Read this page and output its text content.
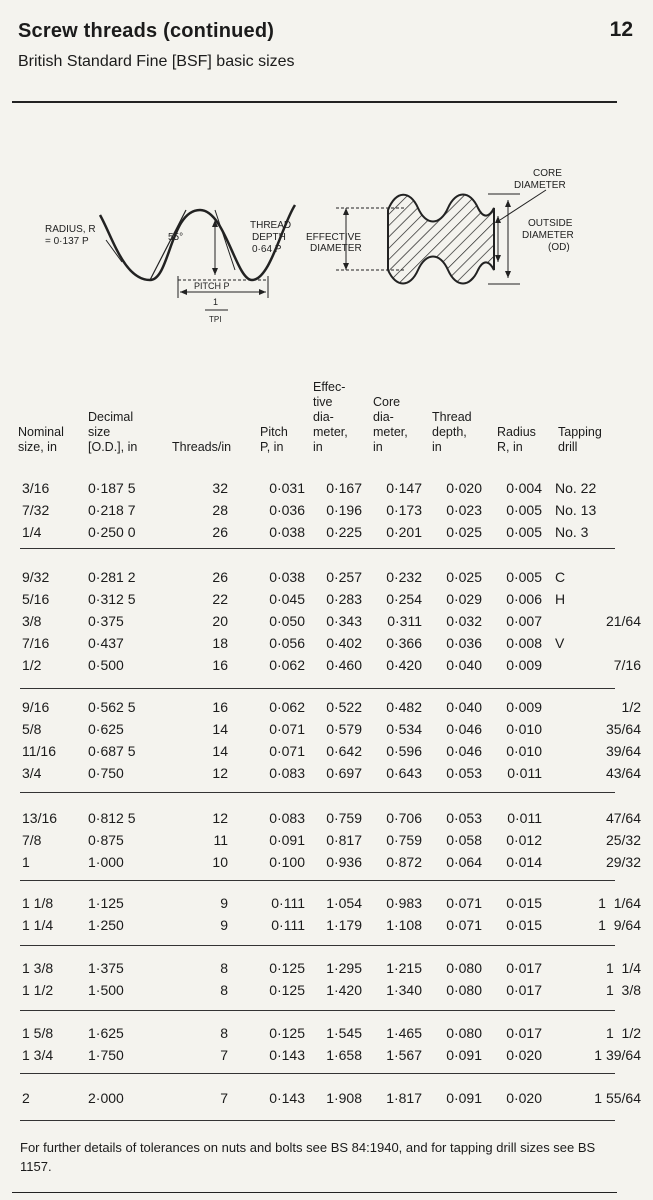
Screw threads (continued)	12
British Standard Fine [BSF] basic sizes
RADIUS, R
= 0·137 P	55°
THREAD
DEPTH
0·64 P
PITCH P
1
TPI
EFFECTIVE
DIAMETER
CORE
DIAMETER
OUTSIDE
DIAMETER
(OD)
Nominal
size, in
Decimal
size
[O.D.], in	Threads/in
Pitch
P, in
Effec-
tive
dia-
meter,
in
Core
dia-
meter,
in
Thread
depth,
in
Radius
R, in
Tapping
drill
3/16	0·187 5	32	0·031	0·167	0·147	0·020	0·004 No. 22
7/32	0·218 7	28	0·036	0·196	0·173	0·023	0·005 No. 13
1/4	0·250 0	26	0·038	0·225	0·201	0·025	0·005 No. 3
9/32	0·281 2	26	0·038	0·257	0·232	0·025	0·005 C
5/16	0·312 5	22	0·045	0·283	0·254	0·029	0·006 H
3/8	0·375	20	0·050	0·343	0·311	0·032	0·007	21/64
7/16	0·437	18	0·056	0·402	0·366	0·036	0·008 V
1/2	0·500	16	0·062	0·460	0·420	0·040	0·009	7/16
9/16	0·562 5	16	0·062	0·522	0·482	0·040	0·009	1/2
5/8	0·625	14	0·071	0·579	0·534	0·046	0·010	35/64
11/16 0·687 5	14	0·071	0·642	0·596	0·046	0·010	39/64
3/4	0·750	12	0·083	0·697	0·643	0·053	0·011	43/64
13/16 0·812 5	12	0·083	0·759	0·706	0·053	0·011	47/64
7/8	0·875	11	0·091	0·817	0·759	0·058	0·012	25/32
1	1·000	10	0·100	0·936	0·872	0·064	0·014	29/32
1 1/8 1·125	9	0·111	1·054	0·983	0·071	0·015	1  1/64
1 1/4 1·250	9	0·111	1·179	1·108	0·071	0·015	1  9/64
1 3/8 1·375	8	0·125	1·295	1·215	0·080	0·017	1  1/4
1 1/2 1·500	8	0·125	1·420	1·340	0·080	0·017	1  3/8
1 5/8 1·625	8	0·125	1·545	1·465	0·080	0·017	1  1/2
1 3/4 1·750	7	0·143	1·658	1·567	0·091	0·020	1 39/64
2	2·000	7	0·143	1·908	1·817	0·091	0·020	1 55/64
For further details of tolerances on nuts and bolts see BS 84:1940, and for tapping drill sizes see BS 1157.
